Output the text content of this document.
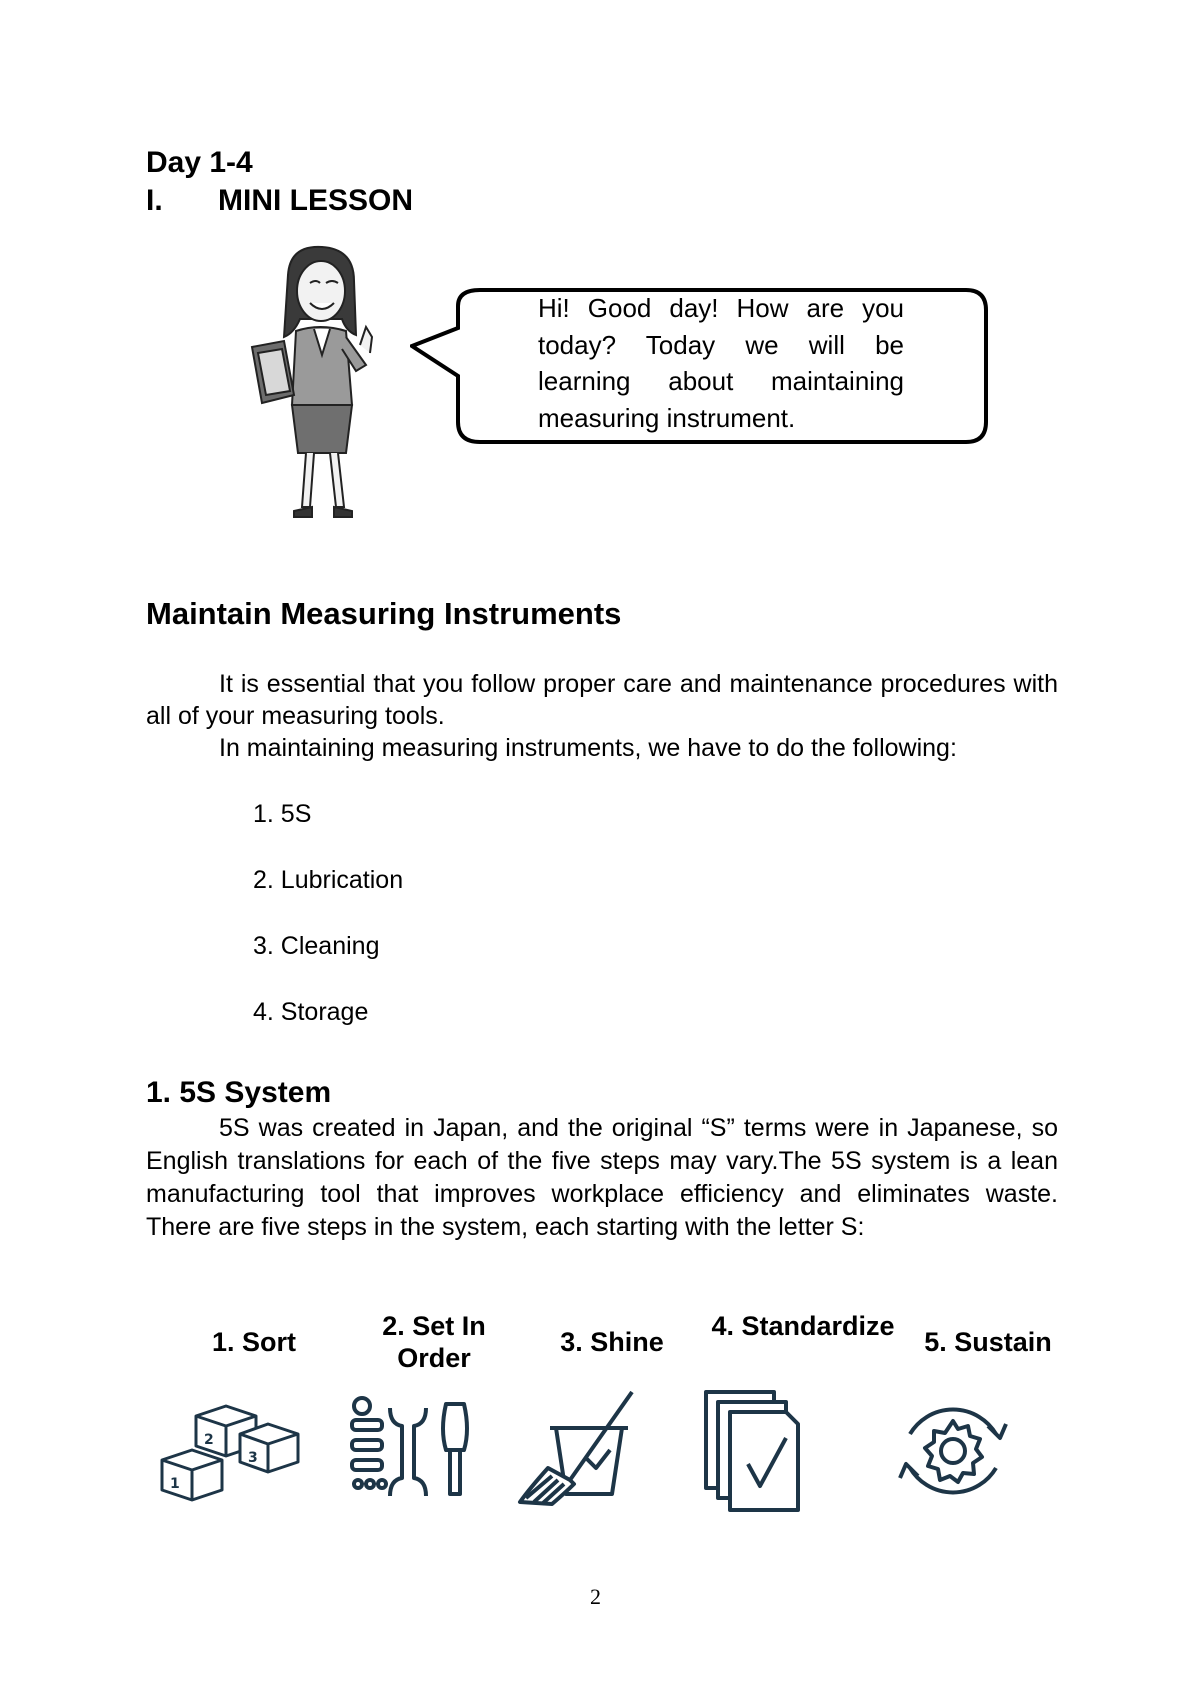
Day 1-4
I. MINI LESSON
Hi! Good day! How are you today? Today we will be learning about maintaining measuring instrument.
Maintain Measuring Instruments
It is essential that you follow proper care and maintenance procedures with all of your measuring tools.
In maintaining measuring instruments, we have to do the following:
1. 5S
2. Lubrication
3. Cleaning
4. Storage
1. 5S System
5S was created in Japan, and the original “S” terms were in Japanese, so English translations for each of the five steps may vary.The 5S system is a lean manufacturing tool that improves workplace efficiency and eliminates waste. There are five steps in the system, each starting with the letter S:
1. Sort
2. Set In Order
3. Shine
4. Standardize
5. Sustain
2
3
1
2
